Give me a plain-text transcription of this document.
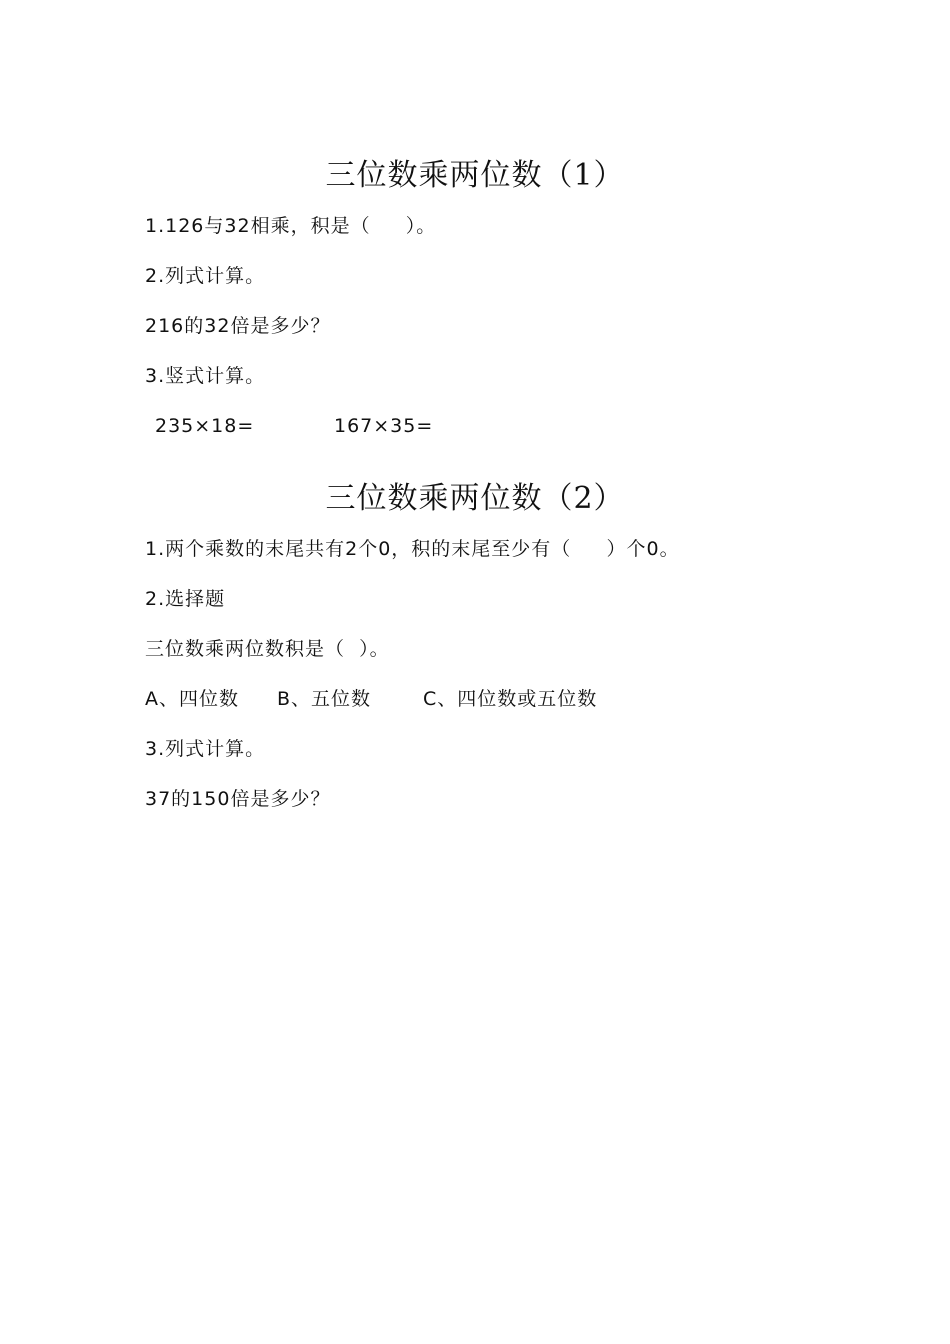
三位数乘两位数（1）
1.126与32相乘，积是（     ）。
2.列式计算。
216的32倍是多少？
3.竖式计算。
235×18=	167×35=
三位数乘两位数（2）
1.两个乘数的末尾共有2个0，积的末尾至少有（     ）个0。
2.选择题
三位数乘两位数积是（  ）。
A、四位数 B、五位数	C、四位数或五位数
3.列式计算。
37的150倍是多少？
